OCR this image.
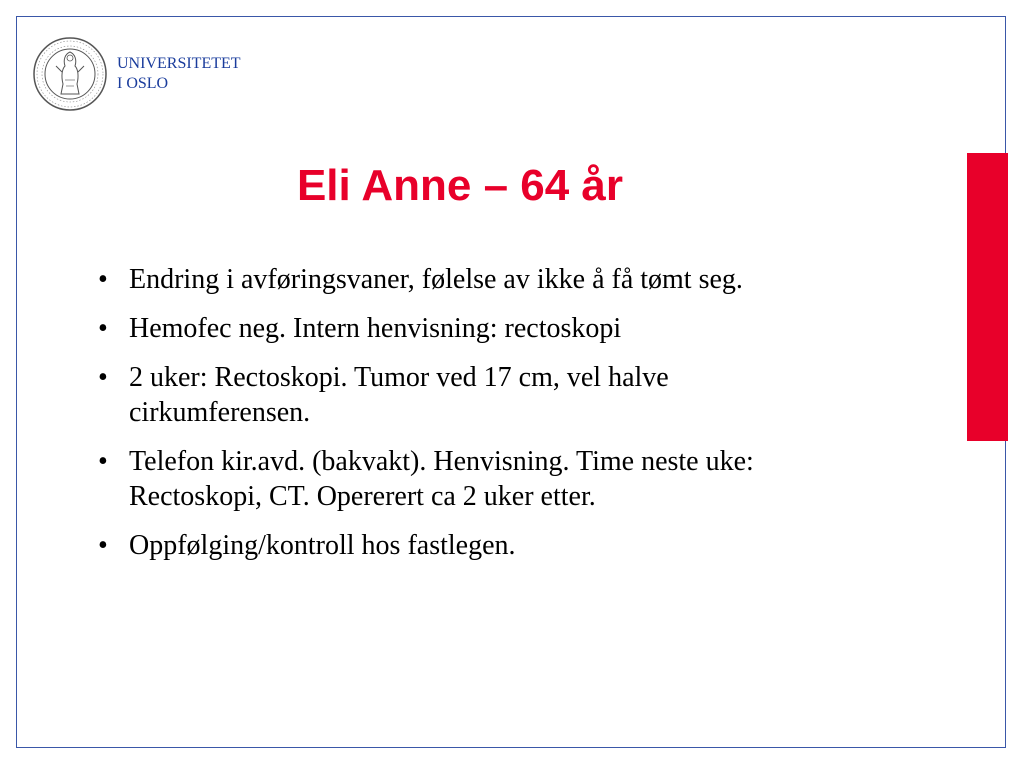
UNIVERSITETET
I OSLO
Eli Anne – 64 år
• Endring i avføringsvaner, følelse av ikke å få tømt seg.
• Hemofec neg. Intern henvisning: rectoskopi
• 2 uker: Rectoskopi. Tumor ved 17 cm, vel halve cirkumferensen.
• Telefon kir.avd. (bakvakt). Henvisning. Time neste uke: Rectoskopi, CT. Opererert ca 2 uker etter.
• Oppfølging/kontroll hos fastlegen.
